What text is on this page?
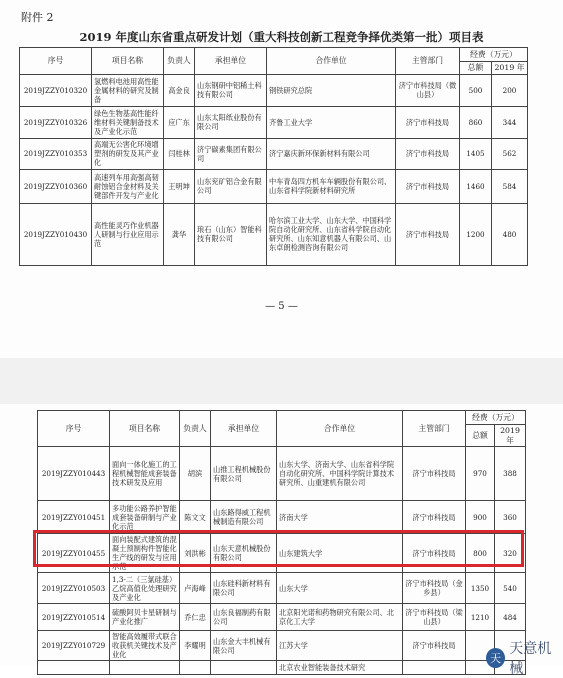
附件 2
2019 年度山东省重点研发计划（重大科技创新工程竞争择优类第一批）项目表
序号	项目名称	负责人	承担单位	合作单位	主管部门	经费（万元）	
						总额	2019 年
2019JZZY010320	氢燃料电池用高性能金属材料的研究及制备	高金良	山东钢研中铝稀土科技有限公司	钢铁研究总院	济宁市科技局（微山县）	500	200
2019JZZY010326	绿色生物基高性能纤维材料关键制备技术及产业化示范	应广东	山东太阳纸业股份有限公司	齐鲁工业大学	济宁市科技局	860	344
2019JZZY010353	高端无公害化环境增塑剂的研发及其产业化	闫桂林	济宁碳素集团有限公司	济宁嘉庆新环保新材料有限公司	济宁市科技局	1405	562
2019JZZY010360	高速列车用高强高韧耐蚀铝合金材料及关键部件开发与产业化	王明坤	山东兖矿铝合金有限公司	中车青岛四方机车车辆股份有限公司、山东省科学院新材料研究所	济宁市科技局	1460	584
2019JZZY010430	高性能灵巧作业机器人研制与行业应用示范	龚华	琅石（山东）智能科技有限公司	哈尔滨工业大学、山东大学、中国科学院自动化研究所、山东省科学院自动化研究所、山东知意机器人有限公司、山东卓朗检测咨询有限公司	济宁市科技局	1200	480
— 5 —
序号	项目名称	负责人	承担单位	合作单位	主管部门	经费（万元）	
						总额	2019 年
2019JZZY010443	面向一体化施工的工程机械智能成套装备技术研发及应用	胡滨	山推工程机械股份有限公司	山东大学、济南大学、山东省科学院自动化研究所、中国科学院计算技术研究所、山重建机有限公司	济宁市科技局	970	388
2019JZZY010451	多功能公路养护智能成套装备研制与产业化示范	陈文文	山东路得威工程机械制造有限公司	济南大学	济宁市科技局	900	360
2019JZZY010455	面向装配式建筑的混凝土预制构件智能化生产线的研发与应用示范	刘洪彬	山东天意机械股份有限公司	山东建筑大学	济宁市科技局	800	320
2019JZZY010503	1,3-二（三氯硅基）乙烷高值化处理研究及产业化	卢海峰	山东硅科新材料有限公司	山东大学	济宁市科技局（金乡县）	1350	540
2019JZZY010514	硫酸阿贝卡星研制与产业化推广	乔仁忠	山东良福制药有限公司	北京阳光诺和药物研究有限公司、北京化工大学	济宁市科技局（梁山县）	1210	484
2019JZZY010729	智能高效履带式联合收获机关键技术及产业化	李耀明	山东金大丰机械有限公司	江苏大学	济宁市科技局		
				北京农业智能装备技术研究			
天
天意机械
